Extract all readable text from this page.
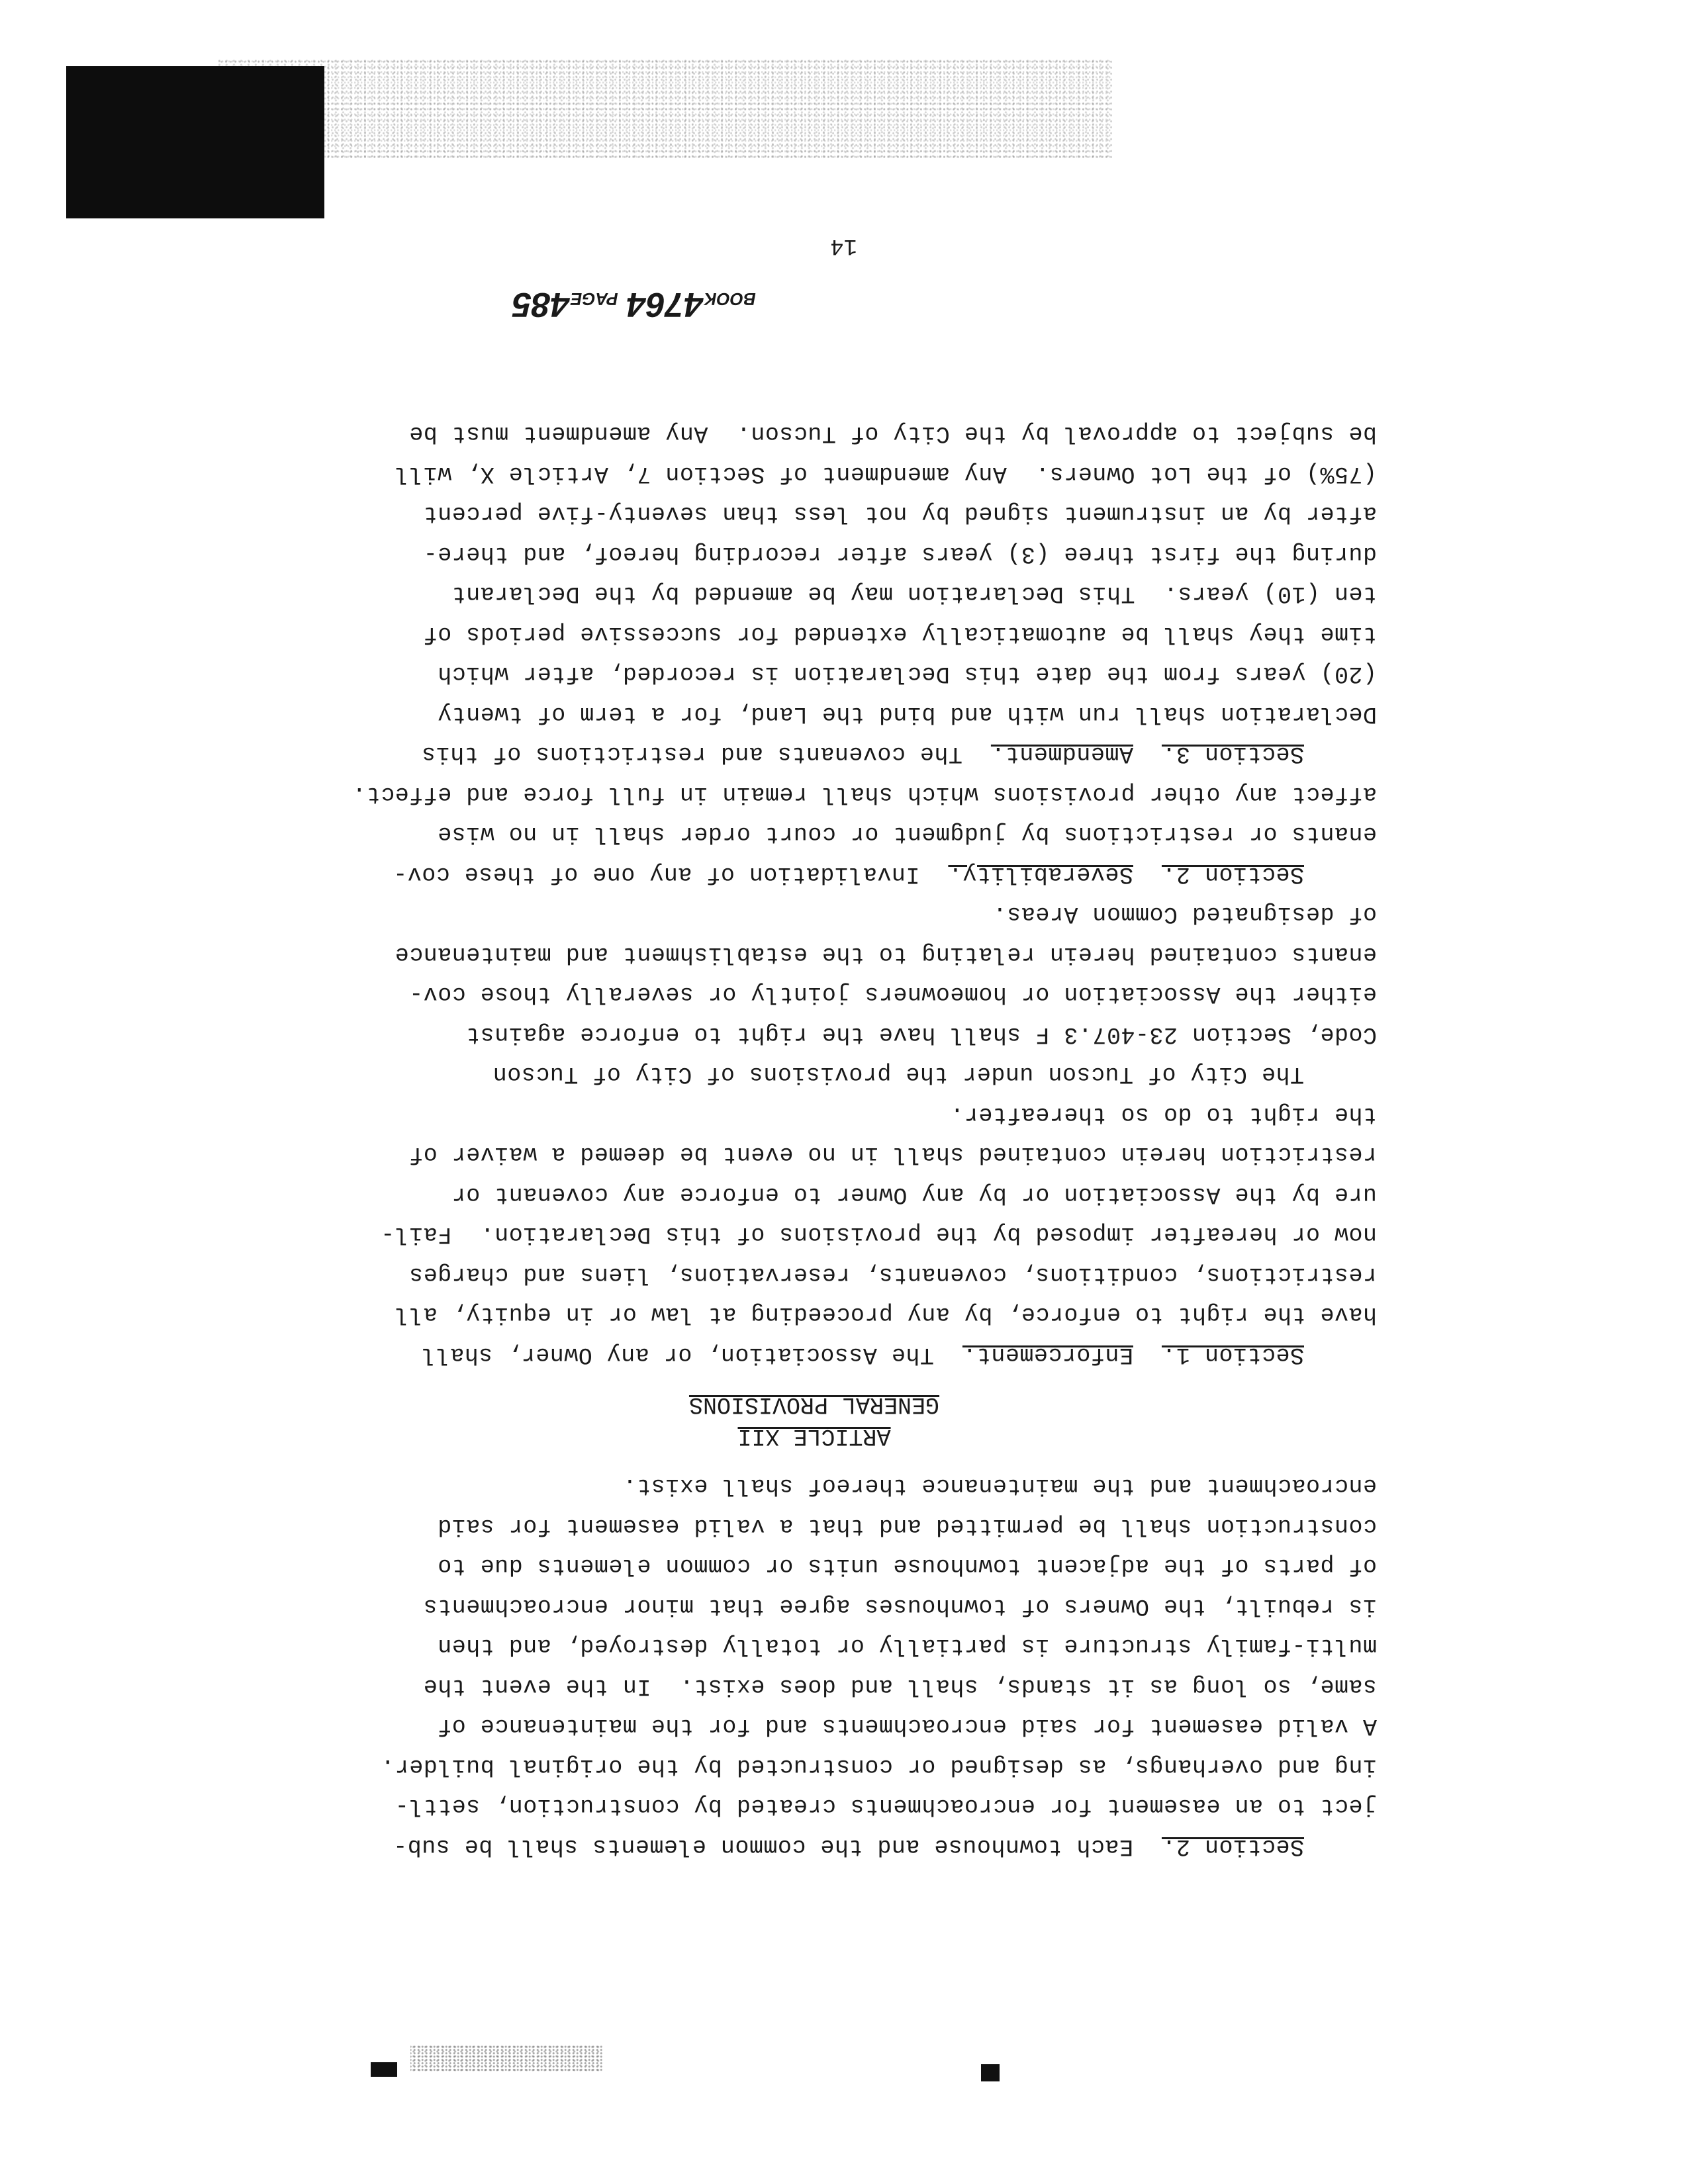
Section 2.  Each townhouse and the common elements shall be sub-
ject to an easement for encroachments created by construction, settl-
ing and overhangs, as designed or constructed by the original builder.
A valid easement for said encroachments and for the maintenance of
same, so long as it stands, shall and does exist.  In the event the
multi-family structure is partially or totally destroyed, and then
is rebuilt, the Owners of townhouses agree that minor encroachments
of parts of the adjacent townhouse units or common elements due to
construction shall be permitted and that a valid easement for said
encroachment and the maintenance thereof shall exist.
ARTICLE XII
GENERAL PROVISIONS
Section 1.  Enforcement.  The Association, or any Owner, shall
have the right to enforce, by any proceeding at law or in equity, all
restrictions, conditions, covenants, reservations, liens and charges
now or hereafter imposed by the provisions of this Declaration.  Fail-
ure by the Association or by any Owner to enforce any covenant or
restriction herein contained shall in no event be deemed a waiver of
the right to do so thereafter.
The City of Tucson under the provisions of City of Tucson
Code, Section 23-407.3 F shall have the right to enforce against
either the Association or homeowners jointly or severally those cov-
enants contained herein relating to the establishment and maintenance
of designated Common Areas.
Section 2.  Severability.  Invalidation of any one of these cov-
enants or restrictions by judgment or court order shall in no wise
affect any other provisions which shall remain in full force and effect.
Section 3.  Amendment.  The covenants and restrictions of this
Declaration shall run with and bind the Land, for a term of twenty
(20) years from the date this Declaration is recorded, after which
time they shall be automatically extended for successive periods of
ten (10) years.  This Declaration may be amended by the Declarant
during the first three (3) years after recording hereof, and there-
after by an instrument signed by not less than seventy-five percent
(75%) of the Lot Owners.  Any amendment of Section 7, Article X, will
be subject to approval by the City of Tucson.  Any amendment must be
BOOK4764 PAGE485
14
